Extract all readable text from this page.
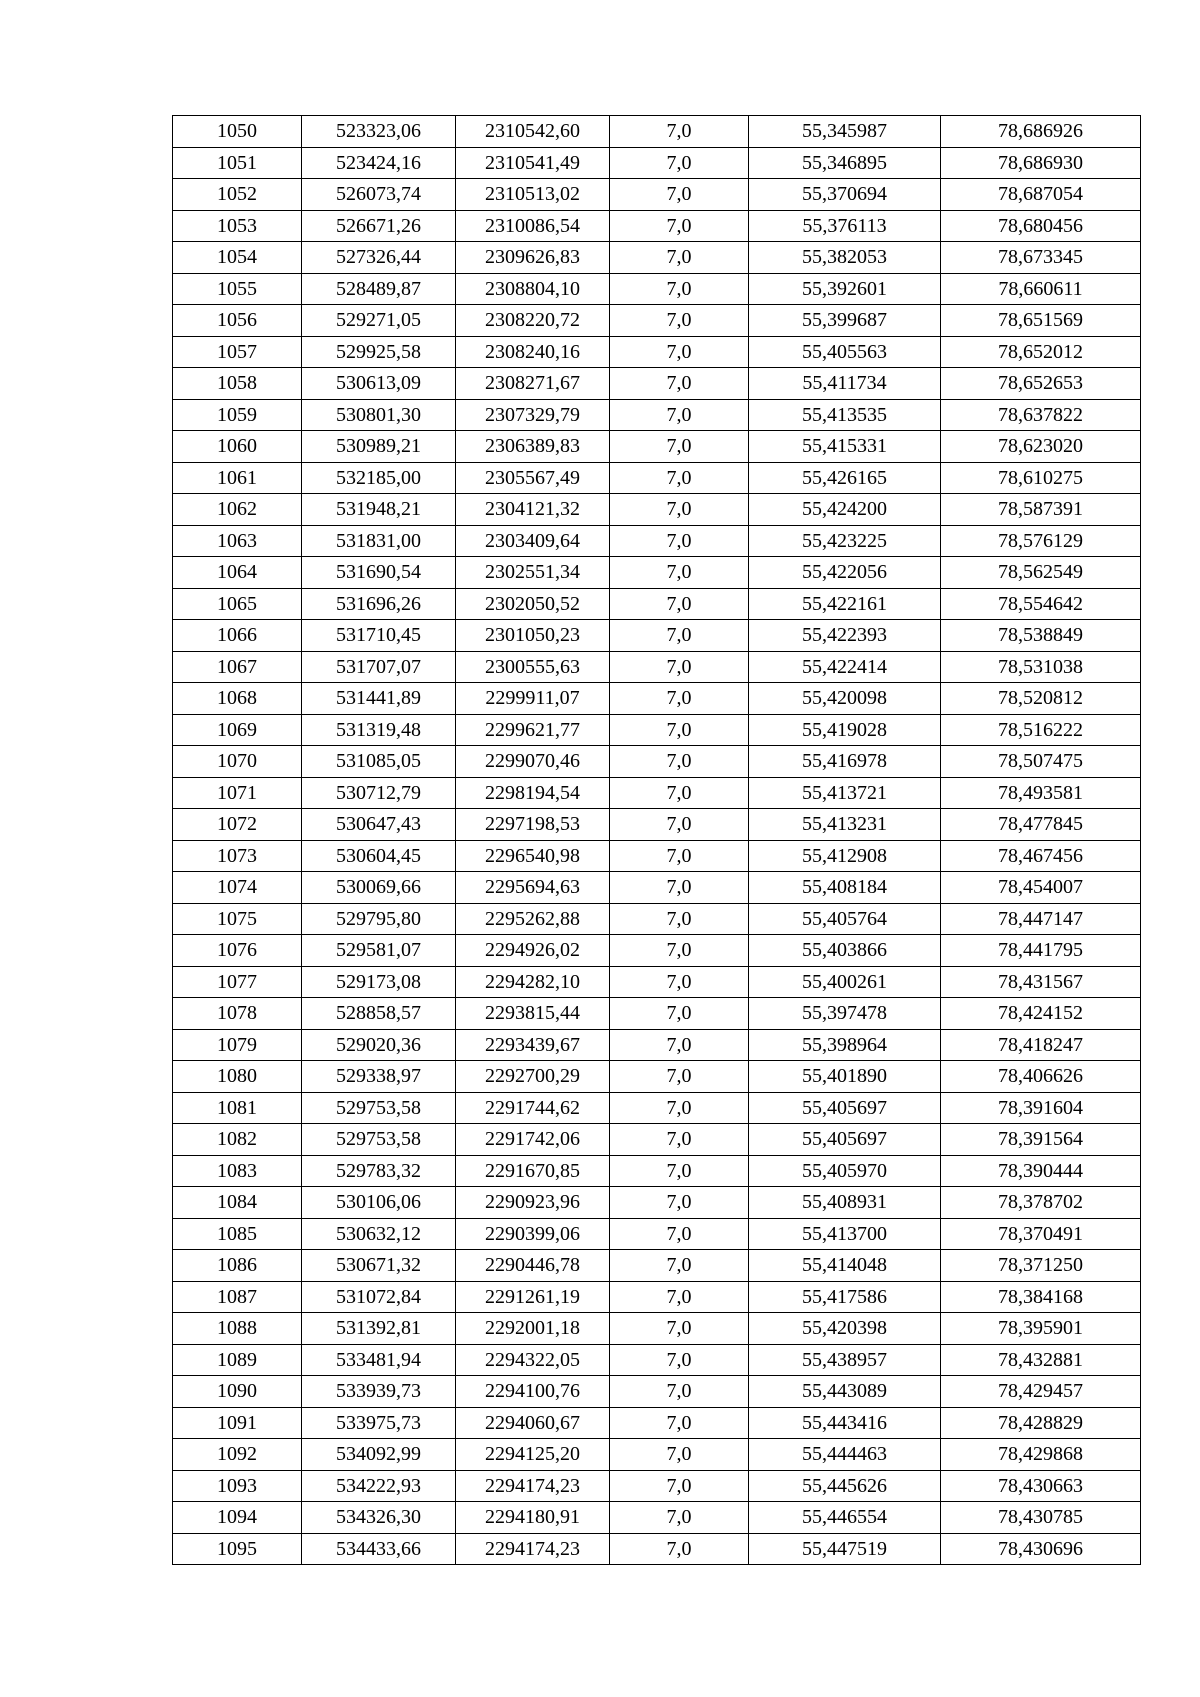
1050	523323,06	2310542,60	7,0	55,345987	78,686926
1051	523424,16	2310541,49	7,0	55,346895	78,686930
1052	526073,74	2310513,02	7,0	55,370694	78,687054
1053	526671,26	2310086,54	7,0	55,376113	78,680456
1054	527326,44	2309626,83	7,0	55,382053	78,673345
1055	528489,87	2308804,10	7,0	55,392601	78,660611
1056	529271,05	2308220,72	7,0	55,399687	78,651569
1057	529925,58	2308240,16	7,0	55,405563	78,652012
1058	530613,09	2308271,67	7,0	55,411734	78,652653
1059	530801,30	2307329,79	7,0	55,413535	78,637822
1060	530989,21	2306389,83	7,0	55,415331	78,623020
1061	532185,00	2305567,49	7,0	55,426165	78,610275
1062	531948,21	2304121,32	7,0	55,424200	78,587391
1063	531831,00	2303409,64	7,0	55,423225	78,576129
1064	531690,54	2302551,34	7,0	55,422056	78,562549
1065	531696,26	2302050,52	7,0	55,422161	78,554642
1066	531710,45	2301050,23	7,0	55,422393	78,538849
1067	531707,07	2300555,63	7,0	55,422414	78,531038
1068	531441,89	2299911,07	7,0	55,420098	78,520812
1069	531319,48	2299621,77	7,0	55,419028	78,516222
1070	531085,05	2299070,46	7,0	55,416978	78,507475
1071	530712,79	2298194,54	7,0	55,413721	78,493581
1072	530647,43	2297198,53	7,0	55,413231	78,477845
1073	530604,45	2296540,98	7,0	55,412908	78,467456
1074	530069,66	2295694,63	7,0	55,408184	78,454007
1075	529795,80	2295262,88	7,0	55,405764	78,447147
1076	529581,07	2294926,02	7,0	55,403866	78,441795
1077	529173,08	2294282,10	7,0	55,400261	78,431567
1078	528858,57	2293815,44	7,0	55,397478	78,424152
1079	529020,36	2293439,67	7,0	55,398964	78,418247
1080	529338,97	2292700,29	7,0	55,401890	78,406626
1081	529753,58	2291744,62	7,0	55,405697	78,391604
1082	529753,58	2291742,06	7,0	55,405697	78,391564
1083	529783,32	2291670,85	7,0	55,405970	78,390444
1084	530106,06	2290923,96	7,0	55,408931	78,378702
1085	530632,12	2290399,06	7,0	55,413700	78,370491
1086	530671,32	2290446,78	7,0	55,414048	78,371250
1087	531072,84	2291261,19	7,0	55,417586	78,384168
1088	531392,81	2292001,18	7,0	55,420398	78,395901
1089	533481,94	2294322,05	7,0	55,438957	78,432881
1090	533939,73	2294100,76	7,0	55,443089	78,429457
1091	533975,73	2294060,67	7,0	55,443416	78,428829
1092	534092,99	2294125,20	7,0	55,444463	78,429868
1093	534222,93	2294174,23	7,0	55,445626	78,430663
1094	534326,30	2294180,91	7,0	55,446554	78,430785
1095	534433,66	2294174,23	7,0	55,447519	78,430696
